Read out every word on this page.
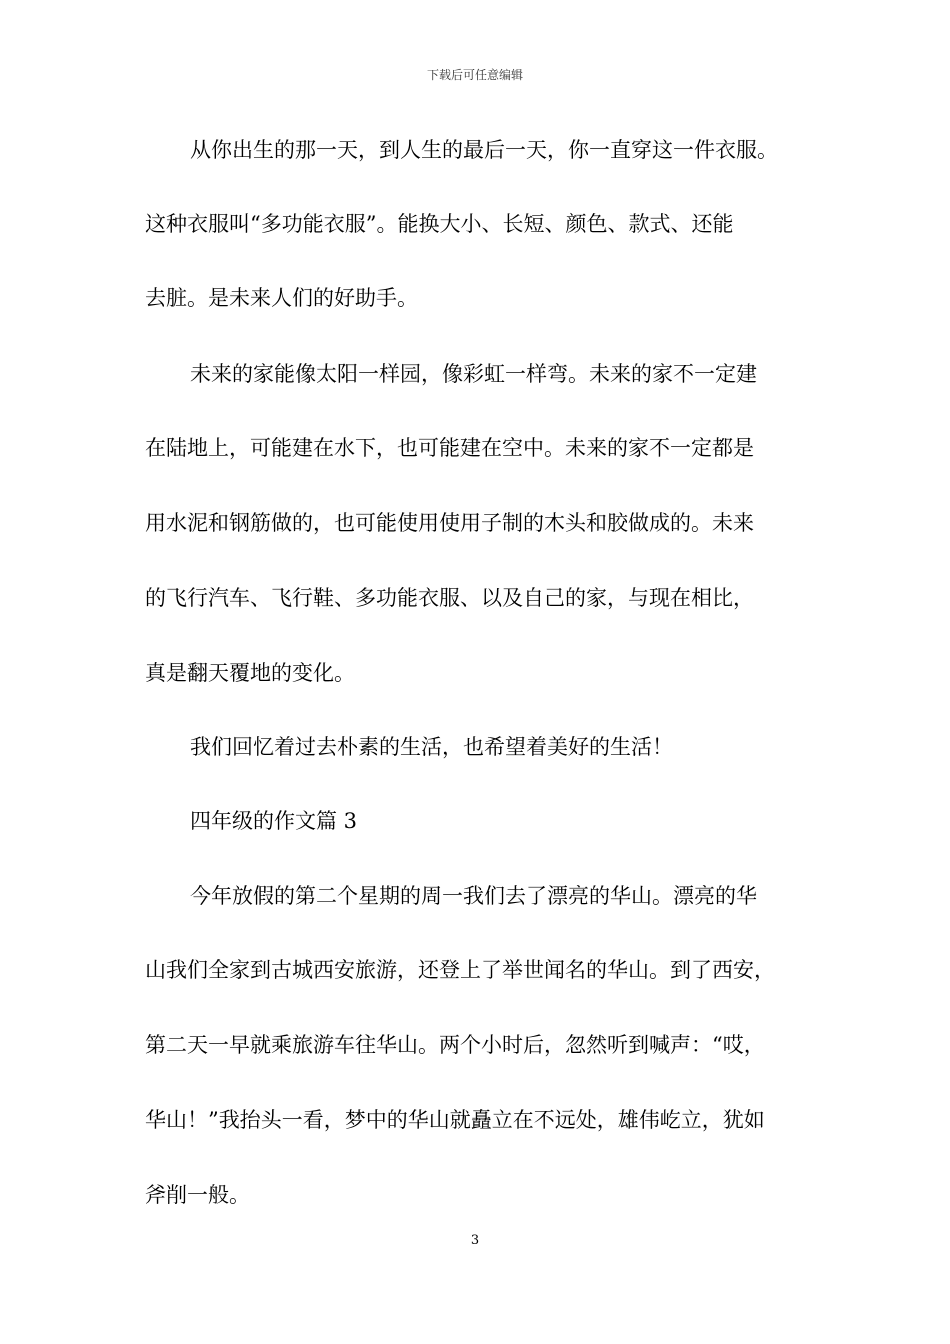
下载后可任意编辑
从你出生的那一天，到人生的最后一天，你一直穿这一件衣服。
这种衣服叫“多功能衣服”。能换大小、长短、颜色、款式、还能
去脏。是未来人们的好助手。
未来的家能像太阳一样园，像彩虹一样弯。未来的家不一定建
在陆地上，可能建在水下，也可能建在空中。未来的家不一定都是
用水泥和钢筋做的，也可能使用使用子制的木头和胶做成的。未来
的飞行汽车、飞行鞋、多功能衣服、以及自己的家，与现在相比，
真是翻天覆地的变化。
我们回忆着过去朴素的生活，也希望着美好的生活！
四年级的作文篇 3
今年放假的第二个星期的周一我们去了漂亮的华山。漂亮的华
山我们全家到古城西安旅游，还登上了举世闻名的华山。到了西安，
第二天一早就乘旅游车往华山。两个小时后，忽然听到喊声：“哎，
华山！”我抬头一看，梦中的华山就矗立在不远处，雄伟屹立，犹如
斧削一般。
3
